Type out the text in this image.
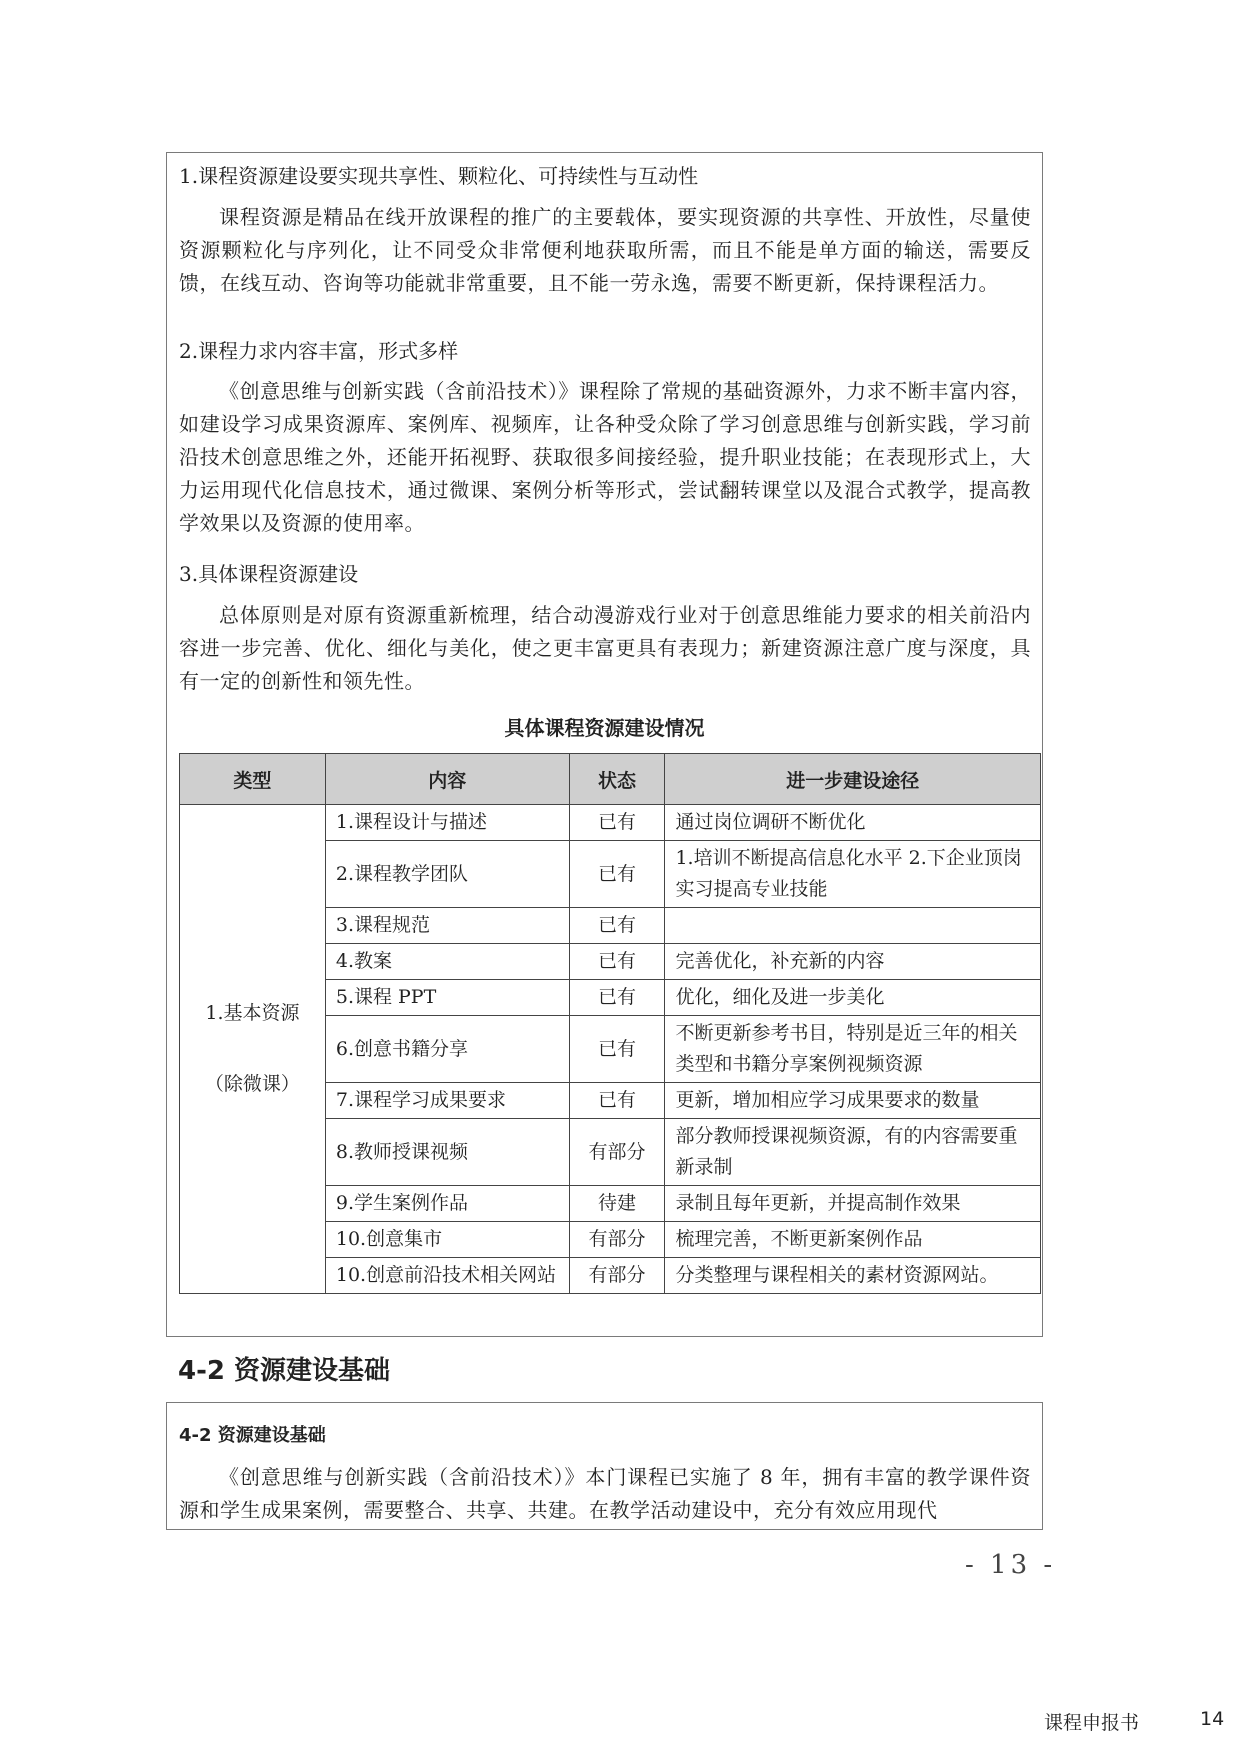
1.课程资源建设要实现共享性、颗粒化、可持续性与互动性

课程资源是精品在线开放课程的推广的主要载体，要实现资源的共享性、开放性，尽量使资源颗粒化与序列化，让不同受众非常便利地获取所需，而且不能是单方面的输送，需要反馈，在线互动、咨询等功能就非常重要，且不能一劳永逸，需要不断更新，保持课程活力。

2.课程力求内容丰富，形式多样

《创意思维与创新实践（含前沿技术）》课程除了常规的基础资源外，力求不断丰富内容，如建设学习成果资源库、案例库、视频库，让各种受众除了学习创意思维与创新实践，学习前沿技术创意思维之外，还能开拓视野、获取很多间接经验，提升职业技能；在表现形式上，大力运用现代化信息技术，通过微课、案例分析等形式，尝试翻转课堂以及混合式教学，提高教学效果以及资源的使用率。

3.具体课程资源建设

总体原则是对原有资源重新梳理，结合动漫游戏行业对于创意思维能力要求的相关前沿内容进一步完善、优化、细化与美化，使之更丰富更具有表现力；新建资源注意广度与深度，具有一定的创新性和领先性。

具体课程资源建设情况
类型	内容	状态	进一步建设途径

1.基本资源
（除微课）	1.课程设计与描述	已有	通过岗位调研不断优化
	2.课程教学团队	已有	1.培训不断提高信息化水平 2.下企业顶岗实习提高专业技能
	3.课程规范	已有	
	4.教案	已有	完善优化，补充新的内容
	5.课程 PPT	已有	优化，细化及进一步美化
	6.创意书籍分享	已有	不断更新参考书目，特别是近三年的相关类型和书籍分享案例视频资源
	7.课程学习成果要求	已有	更新，增加相应学习成果要求的数量
	8.教师授课视频	有部分	部分教师授课视频资源，有的内容需要重新录制
	9.学生案例作品	待建	录制且每年更新，并提高制作效果
	10.创意集市	有部分	梳理完善，不断更新案例作品
	10.创意前沿技术相关网站	有部分	分类整理与课程相关的素材资源网站。
4-2 资源建设基础
4-2 资源建设基础

《创意思维与创新实践（含前沿技术）》本门课程已实施了 8 年，拥有丰富的教学课件资源和学生成果案例，需要整合、共享、共建。在教学活动建设中，充分有效应用现代

- 13 -
课程申报书	14
